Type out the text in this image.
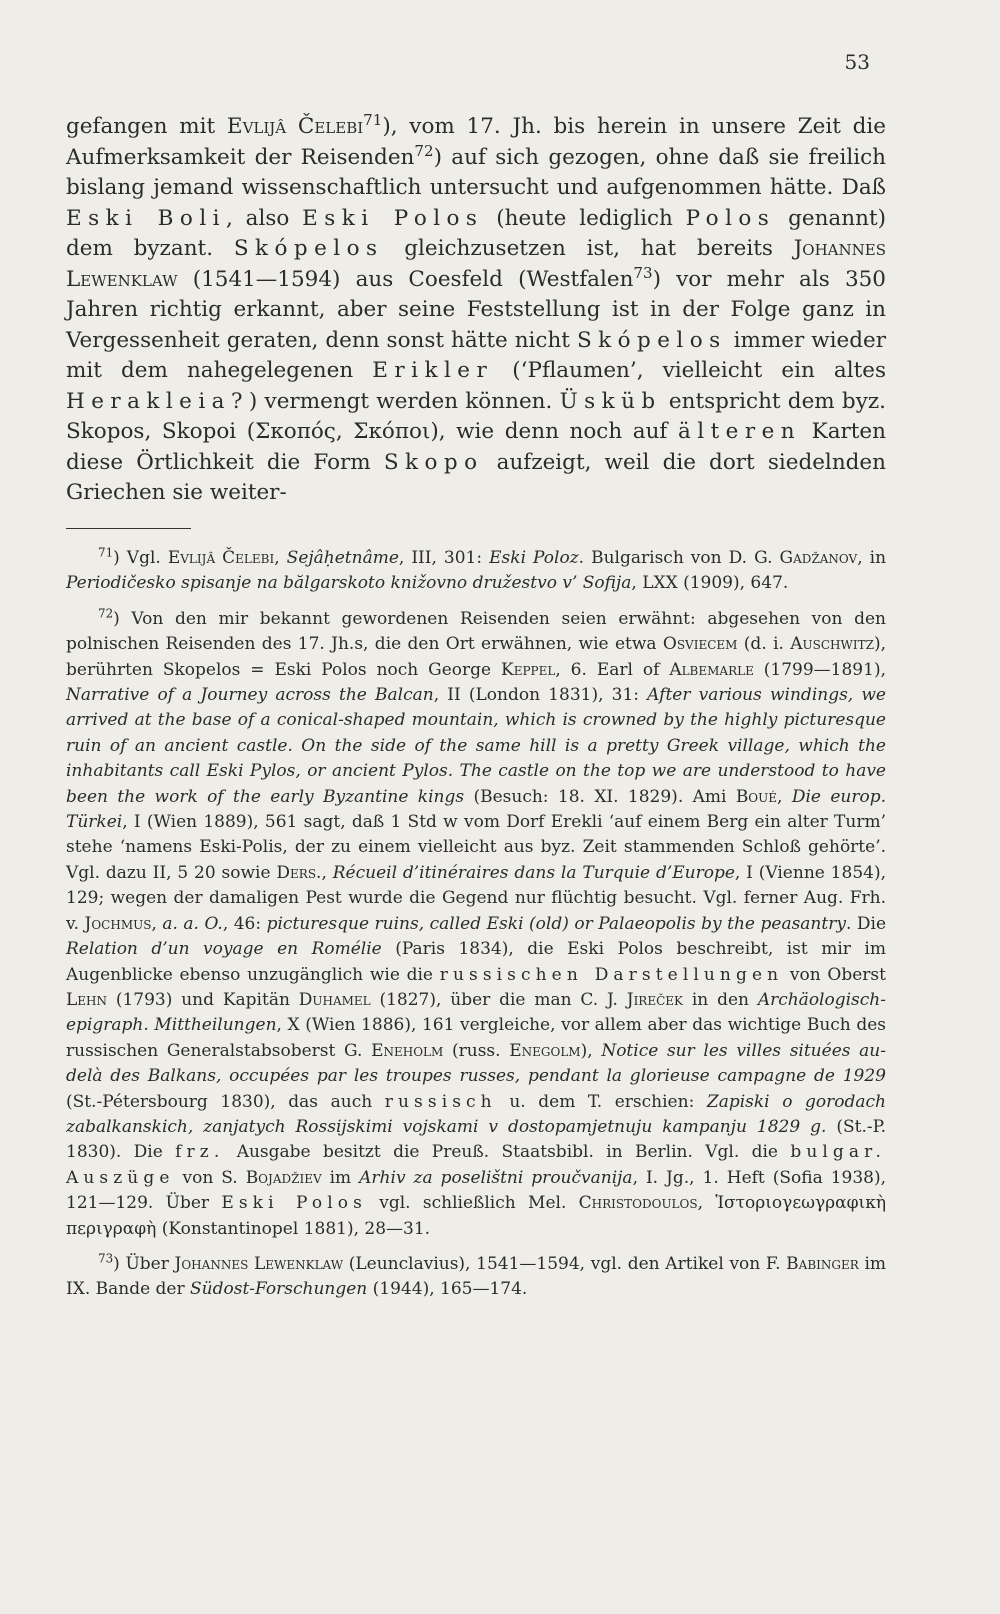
53

gefangen mit Evlijâ Čelebi$^{71}$), vom 17. Jh. bis herein in unsere Zeit die Aufmerksamkeit der Reisenden$^{72}$) auf sich gezogen, ohne daß sie freilich bislang jemand wissenschaftlich untersucht und aufgenommen hätte. Daß Eski Boli, also Eski Polos (heute lediglich Polos genannt) dem byzant. Skópelos gleichzusetzen ist, hat bereits Johannes Lewenklaw (1541—1594) aus Coesfeld (Westfalen$^{73}$) vor mehr als 350 Jahren richtig erkannt, aber seine Feststellung ist in der Folge ganz in Vergessenheit geraten, denn sonst hätte nicht Skópelos immer wieder mit dem nahegelegenen Erikler (‘Pflaumen’, vielleicht ein altes Herakleia?) vermengt werden können. Üsküb entspricht dem byz. Skopos, Skopoi (Σκοπός, Σκόποι), wie denn noch auf älteren Karten diese Örtlichkeit die Form Skopo aufzeigt, weil die dort siedelnden Griechen sie weiter-

$^{71}$) Vgl. Evlijâ Čelebi, Sejâḥetnâme, III, 301: Eski Poloz. Bulgarisch von D. G. Gadžanov, in Periodičesko spisanje na bălgarskoto knižovno družestvo v’ Sofija, LXX (1909), 647.

$^{72}$) Von den mir bekannt gewordenen Reisenden seien erwähnt: abgesehen von den polnischen Reisenden des 17. Jh.s, die den Ort erwähnen, wie etwa Osviecem (d. i. Auschwitz), berührten Skopelos = Eski Polos noch George Keppel, 6. Earl of Albemarle (1799—1891), Narrative of a Journey across the Balcan, II (London 1831), 31: After various windings, we arrived at the base of a conical-shaped mountain, which is crowned by the highly picturesque ruin of an ancient castle. On the side of the same hill is a pretty Greek village, which the inhabitants call Eski Pylos, or ancient Pylos. The castle on the top we are understood to have been the work of the early Byzantine kings (Besuch: 18. XI. 1829). Ami Boué, Die europ. Türkei, I (Wien 1889), 561 sagt, daß 1 Std w vom Dorf Erekli ‘auf einem Berg ein alter Turm’ stehe ‘namens Eski-Polis, der zu einem vielleicht aus byz. Zeit stammenden Schloß gehörte’. Vgl. dazu II, 5 20 sowie Ders., Récueil d’itinéraires dans la Turquie d’Europe, I (Vienne 1854), 129; wegen der damaligen Pest wurde die Gegend nur flüchtig besucht. Vgl. ferner Aug. Frh. v. Jochmus, a. a. O., 46: picturesque ruins, called Eski (old) or Palaeopolis by the peasantry. Die Relation d’un voyage en Romélie (Paris 1834), die Eski Polos beschreibt, ist mir im Augenblicke ebenso unzugänglich wie die russischen Darstellungen von Oberst Lehn (1793) und Kapitän Duhamel (1827), über die man C. J. Jireček in den Archäologisch-epigraph. Mittheilungen, X (Wien 1886), 161 vergleiche, vor allem aber das wichtige Buch des russischen Generalstabsoberst G. Eneholm (russ. Enegolm), Notice sur les villes situées au-delà des Balkans, occupées par les troupes russes, pendant la glorieuse campagne de 1929 (St.-Pétersbourg 1830), das auch russisch u. dem T. erschien: Zapiski o gorodach zabalkanskich, zanjatych Rossijskimi vojskami v dostopamjetnuju kampanju 1829 g. (St.-P. 1830). Die frz. Ausgabe besitzt die Preuß. Staatsbibl. in Berlin. Vgl. die bulgar. Auszüge von S. Bojadžiev im Arhiv za poselištni proučvanija, I. Jg., 1. Heft (Sofia 1938), 121—129. Über Eski Polos vgl. schließlich Mel. Christodoulos, Ἱστοριογεωγραφικὴ περιγραφὴ (Konstantinopel 1881), 28—31.

$^{73}$) Über Johannes Lewenklaw (Leunclavius), 1541—1594, vgl. den Artikel von F. Babinger im IX. Bande der Südost-Forschungen (1944), 165—174.
